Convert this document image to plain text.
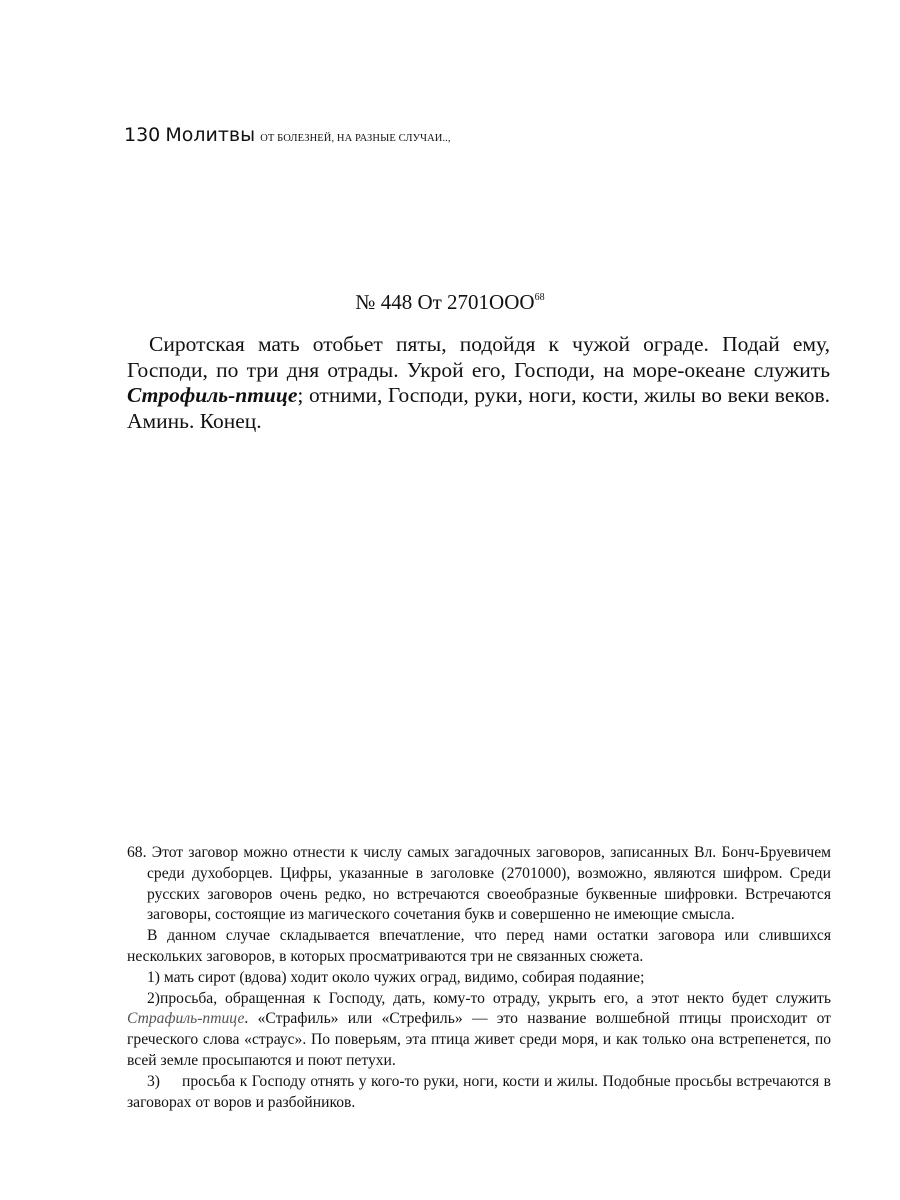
130 Молитвы ОТ БОЛЕЗНЕЙ, НА РАЗНЫЕ СЛУЧАИ..,
№ 448 От 2701ООО$^{68}$

Сиротская мать отобьет пяты, подойдя к чужой ограде. Подай ему, Господи, по три дня отрады. Укрой его, Господи, на море-океане служить Строфиль-птице; отними, Господи, руки, ноги, кости, жилы во веки веков. Аминь. Конец.

68. Этот заговор можно отнести к числу самых загадочных заговоров, записанных Вл. Бонч-Бруевичем среди духоборцев. Цифры, указанные в заголовке (2701000), возможно, являются шифром. Среди русских заговоров очень редко, но встречаются своеобразные буквенные шифровки. Встречаются заговоры, состоящие из магического сочетания букв и совершенно не имеющие смысла.

В данном случае складывается впечатление, что перед нами остатки заговора или слившихся нескольких заговоров, в которых просматриваются три не связанных сюжета.

1) мать сирот (вдова) ходит около чужих оград, видимо, собирая подаяние;

2)просьба, обращенная к Господу, дать, кому-то отраду, укрыть его, а этот некто будет служить Страфиль-птице. «Страфиль» или «Стрефиль» — это название волшебной птицы происходит от греческого слова «страус». По поверьям, эта птица живет среди моря, и как только она встрепенется, по всей земле просыпаются и поют петухи.

3) просьба к Господу отнять у кого-то руки, ноги, кости и жилы. Подобные просьбы встречаются в заговорах от воров и разбойников.
